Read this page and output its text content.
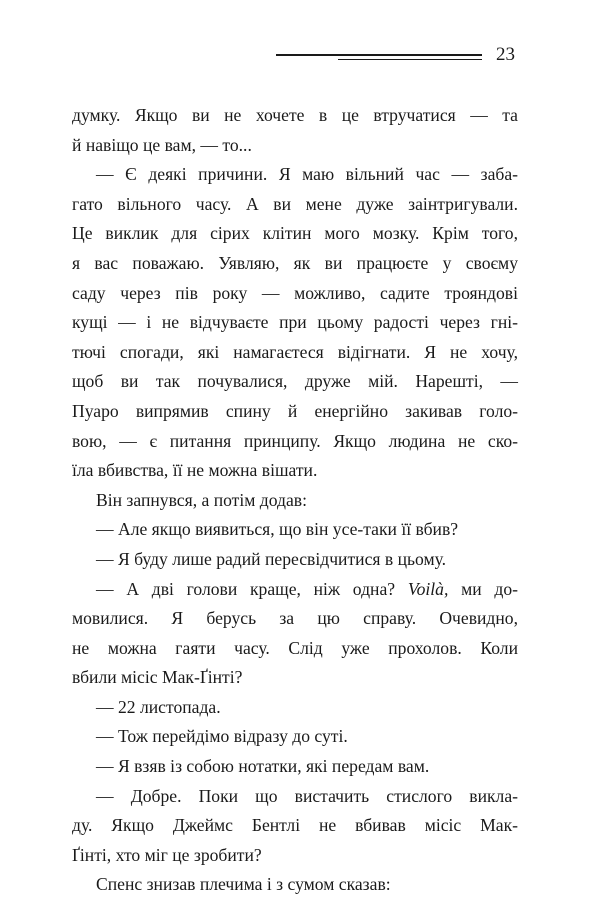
23
думку. Якщо ви не хочете в це втручатися — та
й навіщо це вам, — то...
— Є деякі причини. Я маю вільний час — заба-
гато вільного часу. А ви мене дуже заінтригували.
Це виклик для сірих клітин мого мозку. Крім того,
я вас поважаю. Уявляю, як ви працюєте у своєму
саду через пів року — можливо, садите трояндові
кущі — і не відчуваєте при цьому радості через гні-
тючі спогади, які намагаєтеся відігнати. Я не хочу,
щоб ви так почувалися, друже мій. Нарешті, —
Пуаро випрямив спину й енергійно закивав голо-
вою, — є питання принципу. Якщо людина не ско-
їла вбивства, її не можна вішати.
Він запнувся, а потім додав:
— Але якщо виявиться, що він усе-таки її вбив?
— Я буду лише радий пересвідчитися в цьому.
— А дві голови краще, ніж одна? Voilà, ми до-
мовилися. Я берусь за цю справу. Очевидно,
не можна гаяти часу. Слід уже прохолов. Коли
вбили місіс Мак-Ґінті?
— 22 листопада.
— Тож перейдімо відразу до суті.
— Я взяв із собою нотатки, які передам вам.
— Добре. Поки що вистачить стислого викла-
ду. Якщо Джеймс Бентлі не вбивав місіс Мак-
Ґінті, хто міг це зробити?
Спенс знизав плечима і з сумом сказав:
